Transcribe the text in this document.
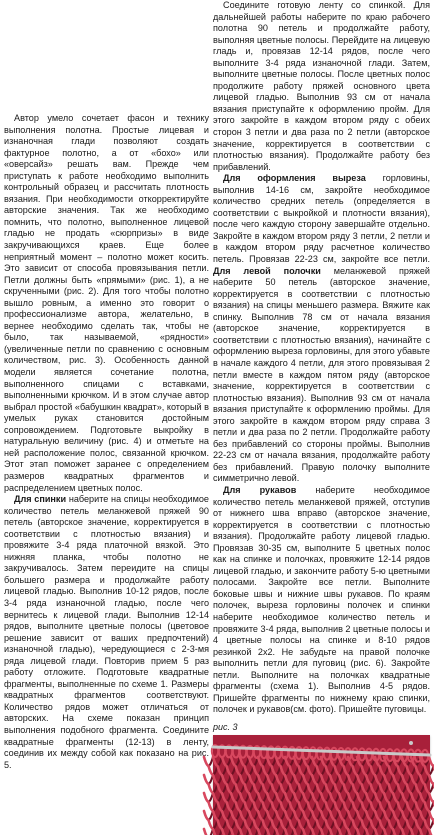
Автор умело сочетает фасон и технику выполнения полотна. Простые лицевая и изнаночная глади позволяют создать фактурное полотно, а от «бохо» или «оверсайз» решать вам. Прежде чем приступать к работе необходимо выполнить контрольный образец и рассчитать плотность вязания. При необходимости откорректируйте авторские значения. Так же необходимо помнить, что полотно, выполненное лицевой гладью не продать «сюрпризы» в виде закручивающихся краев. Еще более неприятный момент – полотно может косить. Это зависит от способа провязывания петли. Петли должны быть «прямыми» (рис. 1), а не скрученными (рис. 2). Для того чтобы полотно вышло ровным, а именно это говорит о профессионализме автора, желательно, в вернее необходимо сделать так, чтобы не было, так называемой, «рядности» (увеличенные петли по сравнению с основным количеством, рис. 3). Особенность данной модели является сочетание полотна, выполненного спицами с вставками, выполненными крючком. И в этом случае автор выбрал простой «бабушкин квадрат», который в умелых руках становится достойным сопровождением. Подготовьте выкройку в натуральную величину (рис. 4) и отметьте на ней расположение полос, связанной крючком. Этот этап поможет заранее с определением размеров квадратных фрагментов и распределением цветных полос.

Для спинки наберите на спицы необходимое количество петель меланжевой пряжей 90 петель (авторское значение, корректируется в соответствии с плотностью вязания) и провяжите 3-4 ряда платочной вязкой. Это нижняя планка, чтобы полотно не закручивалось. Затем переидите на спицы большего размера и продолжайте работу лицевой гладью. Выполнив 10-12 рядов, после 3-4 ряда изнаночной гладью, после чего вернитесь к лицевой глади. Выполнив 12-14 рядов, выполните цветные полосы (цветовое решение зависит от ваших предпочтений) изнаночной гладью), чередующиеся с 2-3-мя ряда лицевой глади. Повторив прием 5 раз работу отложите. Подготовьте квадратные фрагменты, выполненные по схеме 1. Размеры квадратных фрагментов соответствуют. Количество рядов может отличаться от авторских. На схеме показан принцип выполнения подобного фрагмента. Соедините квадратные фрагменты (12-13) в ленту, соединив их между собой как показано на рис. 5.

Соедините готовую ленту со спинкой. Для дальнейшей работы наберите по краю рабочего полотна 90 петель и продолжайте работу, выполняя цветные полосы. Перейдите на лицевую гладь и, провязав 12-14 рядов, после чего выполните 3-4 ряда изнаночной глади. Затем, выполните цветные полосы. После цветных полос продолжите работу пряжей основного цвета лицевой гладью. Выполнив 93 см от начала вязания приступайте к оформлению пройм. Для этого закройте в каждом втором ряду с обеих сторон 3 петли и два раза по 2 петли (авторское значение, корректируется в соответствии с плотностью вязания). Продолжайте работу без прибавлений.

Для оформления выреза горловины, выполнив 14-16 см, закройте необходимое количество средних петель (определяется в соответствии с выкройкой и плотности вязания), после чего каждую сторону завершайте отдельно. Закройте в каждом втором ряду 3 петли, 2 петли и в каждом втором ряду расчетное количество петель. Провязав 22-23 см, закройте все петли. Для левой полочки меланжевой пряжей наберите 50 петель (авторское значение, корректируется в соответствии с плотностью вязания) на спицы меньшего размера. Вяжите как спинку. Выполнив 78 см от начала вязания (авторское значение, корректируется в соответствии с плотностью вязания), начинайте с оформлению выреза горловины, для этого убавьте в начале каждого 4 петли, для этого провязывая 2 петли вместе в каждом пятом ряду (авторское значение, корректируется в соответствии с плотностью вязания). Выполнив 93 см от начала вязания приступайте к оформлению проймы. Для этого закройте в каждом втором ряду справа 3 петли и два раза по 2 петли. Продолжайте работу без прибавлений со стороны проймы. Выполнив 22-23 см от начала вязания, продолжайте работу без прибавлений. Правую полочку выполните симметрично левой.

Для рукавов наберите необходимое количество петель меланжевой пряжей, отступив от нижнего шва вправо (авторское значение, корректируется в соответствии с плотностью вязания). Продолжайте работу лицевой гладью. Провязав 30-35 см, выполните 5 цветных полос как на спинке и полочках, провяжите 12-14 рядов лицевой гладью, и закончите работу 5-ю цветными полосами. Закройте все петли. Выполните боковые швы и нижние швы рукавов. По краям полочек, выреза горловины полочек и спинки наберите необходимое количество петель и провяжите 3-4 ряда, выполнив 2 цветные полосы и 4 цветные полосы на спинке и 8-10 рядов резинкой 2x2. Не забудьте на правой полочке выполнить петли для пуговиц (рис. 6). Закройте петли. Выполните на полочках квадратные фрагменты (схема 1). Выполнив 4-5 рядов. Пришейте фрагменты по нижнему краю спинки, полочек и рукавов(см. фото). Пришейте пуговицы.

рис. 3
